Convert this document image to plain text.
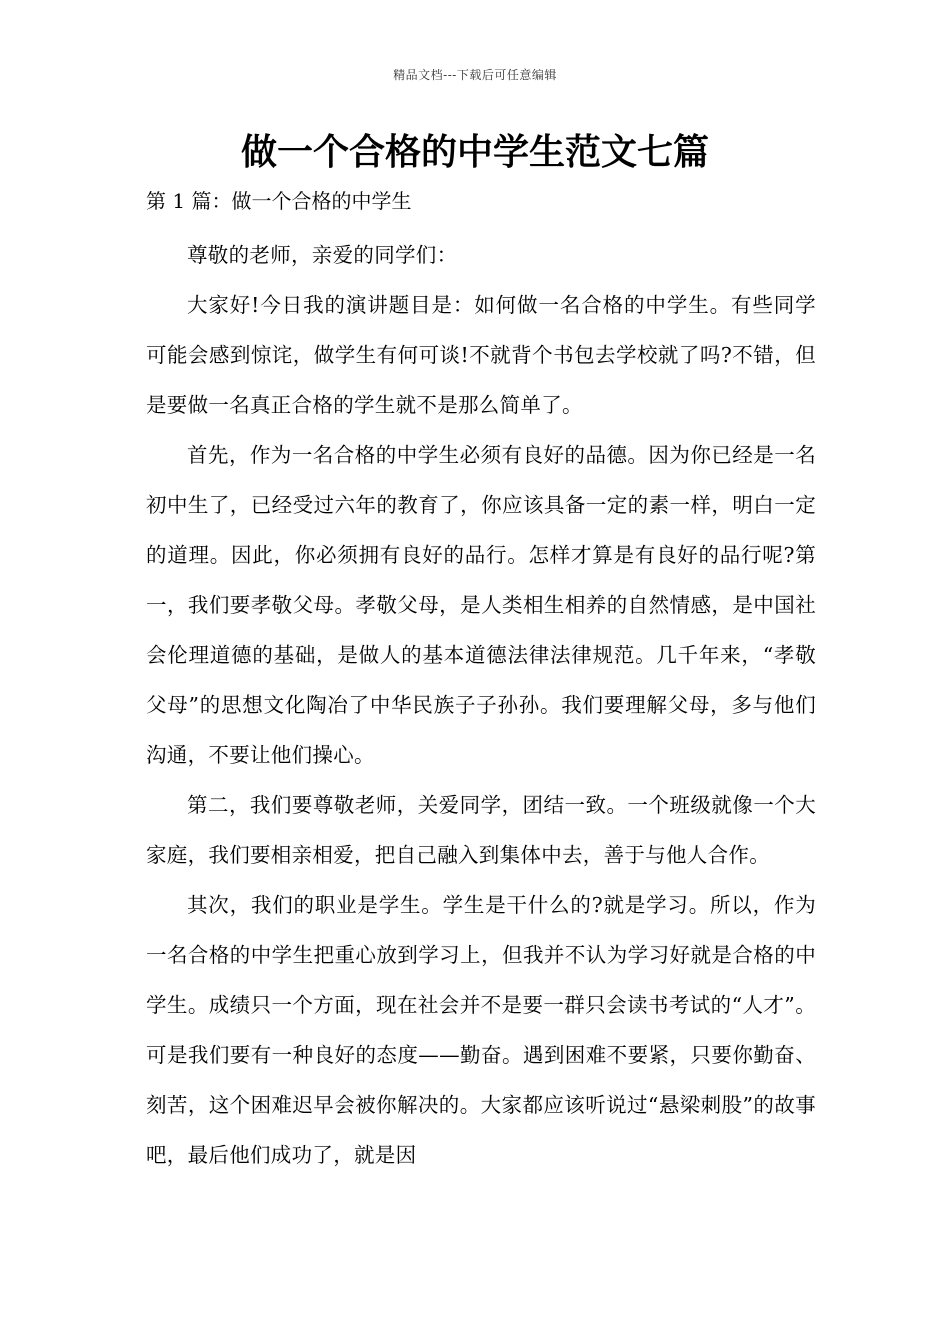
精品文档---下载后可任意编辑
做一个合格的中学生范文七篇
第 1 篇：做一个合格的中学生

尊敬的老师，亲爱的同学们：

大家好!今日我的演讲题目是：如何做一名合格的中学生。有些同学可能会感到惊诧，做学生有何可谈!不就背个书包去学校就了吗?不错，但是要做一名真正合格的学生就不是那么简单了。

首先，作为一名合格的中学生必须有良好的品德。因为你已经是一名初中生了，已经受过六年的教育了，你应该具备一定的素一样，明白一定的道理。因此，你必须拥有良好的品行。怎样才算是有良好的品行呢?第一，我们要孝敬父母。孝敬父母，是人类相生相养的自然情感，是中国社会伦理道德的基础，是做人的基本道德法律法律规范。几千年来，“孝敬父母”的思想文化陶冶了中华民族子子孙孙。我们要理解父母，多与他们沟通，不要让他们操心。

第二，我们要尊敬老师，关爱同学，团结一致。一个班级就像一个大家庭，我们要相亲相爱，把自己融入到集体中去，善于与他人合作。

其次，我们的职业是学生。学生是干什么的?就是学习。所以，作为一名合格的中学生把重心放到学习上，但我并不认为学习好就是合格的中学生。成绩只一个方面，现在社会并不是要一群只会读书考试的“人才”。可是我们要有一种良好的态度——勤奋。遇到困难不要紧，只要你勤奋、刻苦，这个困难迟早会被你解决的。大家都应该听说过“悬梁刺股”的故事吧，最后他们成功了，就是因
